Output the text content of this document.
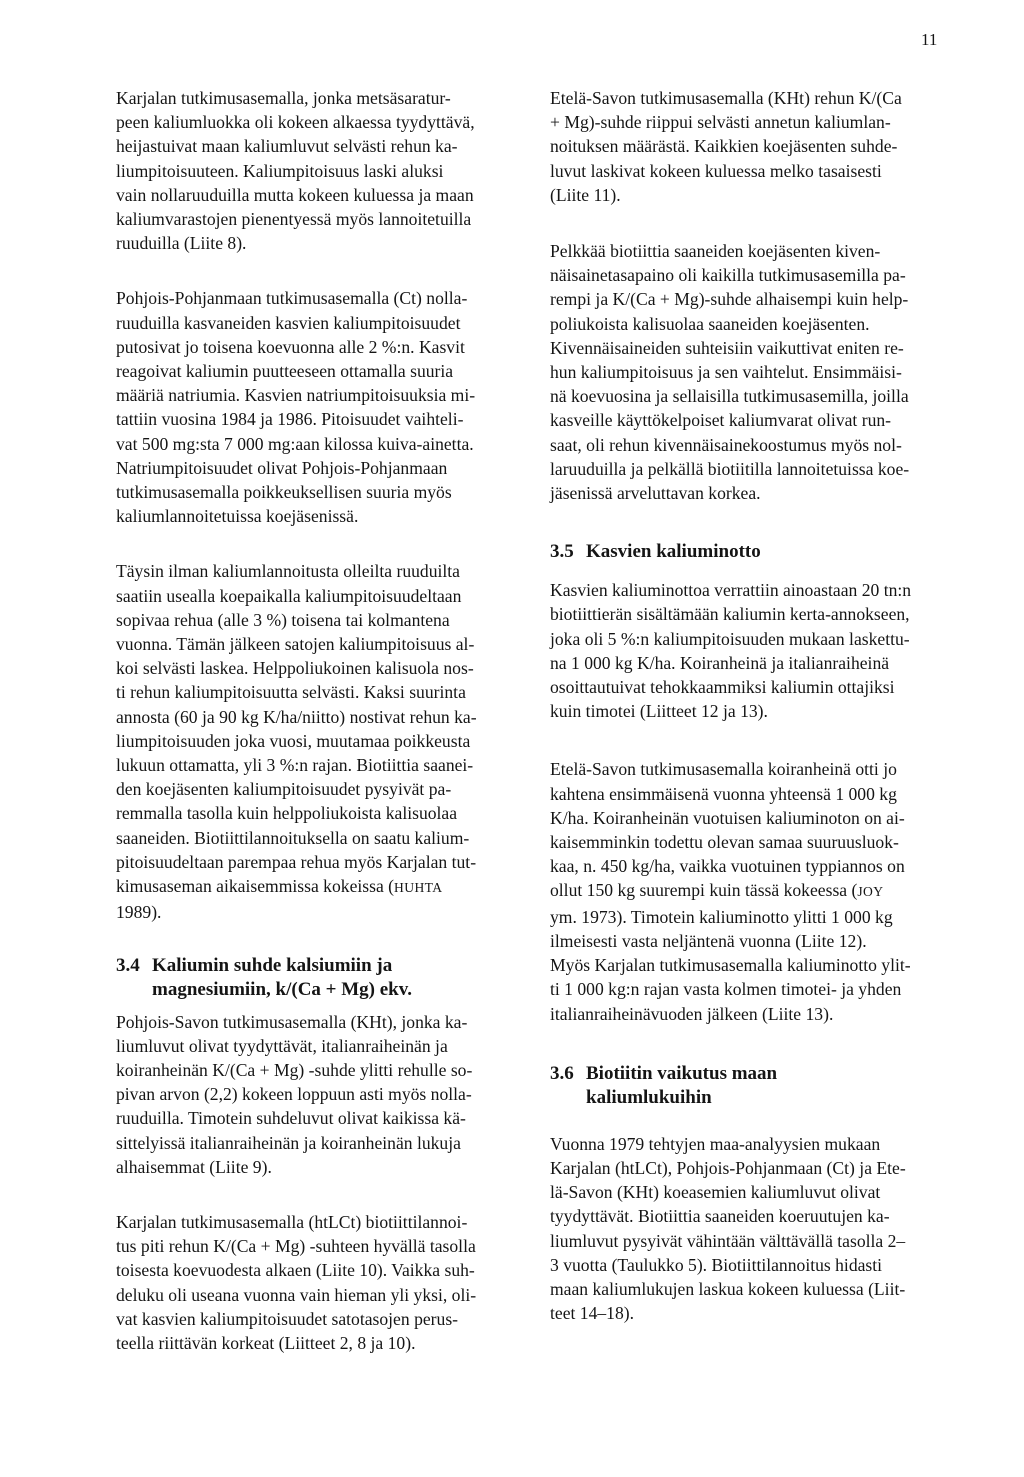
11

Karjalan tutkimusasemalla, jonka metsäsaratur-
peen kaliumluokka oli kokeen alkaessa tyydyttävä,
heijastuivat maan kaliumluvut selvästi rehun ka-
liumpitoisuuteen. Kaliumpitoisuus laski aluksi
vain nollaruuduilla mutta kokeen kuluessa ja maan
kaliumvarastojen pienentyessä myös lannoitetuilla
ruuduilla (Liite 8).

Pohjois-Pohjanmaan tutkimusasemalla (Ct) nolla-
ruuduilla kasvaneiden kasvien kaliumpitoisuudet
putosivat jo toisena koevuonna alle 2 %:n. Kasvit
reagoivat kaliumin puutteeseen ottamalla suuria
määriä natriumia. Kasvien natriumpitoisuuksia mi-
tattiin vuosina 1984 ja 1986. Pitoisuudet vaihteli-
vat 500 mg:sta 7 000 mg:aan kilossa kuiva-ainetta.
Natriumpitoisuudet olivat Pohjois-Pohjanmaan
tutkimusasemalla poikkeuksellisen suuria myös
kaliumlannoitetuissa koejäsenissä.

Täysin ilman kaliumlannoitusta olleilta ruuduilta
saatiin usealla koepaikalla kaliumpitoisuudeltaan
sopivaa rehua (alle 3 %) toisena tai kolmantena
vuonna. Tämän jälkeen satojen kaliumpitoisuus al-
koi selvästi laskea. Helppoliukoinen kalisuola nos-
ti rehun kaliumpitoisuutta selvästi. Kaksi suurinta
annosta (60 ja 90 kg K/ha/niitto) nostivat rehun ka-
liumpitoisuuden joka vuosi, muutamaa poikkeusta
lukuun ottamatta, yli 3 %:n rajan. Biotiittia saanei-
den koejäsenten kaliumpitoisuudet pysyivät pa-
remmalla tasolla kuin helppoliukoista kalisuolaa
saaneiden. Biotiittilannoituksella on saatu kalium-
pitoisuudeltaan parempaa rehua myös Karjalan tut-
kimusaseman aikaisemmissa kokeissa (HUHTA
1989).

3.4 Kaliumin suhde kalsiumiin ja
magnesiumiin, k/(Ca + Mg) ekv.

Pohjois-Savon tutkimusasemalla (KHt), jonka ka-
liumluvut olivat tyydyttävät, italianraiheinän ja
koiranheinän K/(Ca + Mg) -suhde ylitti rehulle so-
pivan arvon (2,2) kokeen loppuun asti myös nolla-
ruuduilla. Timotein suhdeluvut olivat kaikissa kä-
sittelyissä italianraiheinän ja koiranheinän lukuja
alhaisemmat (Liite 9).

Karjalan tutkimusasemalla (htLCt) biotiittilannoi-
tus piti rehun K/(Ca + Mg) -suhteen hyvällä tasolla
toisesta koevuodesta alkaen (Liite 10). Vaikka suh-
deluku oli useana vuonna vain hieman yli yksi, oli-
vat kasvien kaliumpitoisuudet satotasojen perus-
teella riittävän korkeat (Liitteet 2, 8 ja 10).

Etelä-Savon tutkimusasemalla (KHt) rehun K/(Ca
+ Mg)-suhde riippui selvästi annetun kaliumlan-
noituksen määrästä. Kaikkien koejäsenten suhde-
luvut laskivat kokeen kuluessa melko tasaisesti
(Liite 11).

Pelkkää biotiittia saaneiden koejäsenten kiven-
näisainetasapaino oli kaikilla tutkimusasemilla pa-
rempi ja K/(Ca + Mg)-suhde alhaisempi kuin help-
poliukoista kalisuolaa saaneiden koejäsenten.
Kivennäisaineiden suhteisiin vaikuttivat eniten re-
hun kaliumpitoisuus ja sen vaihtelut. Ensimmäisi-
nä koevuosina ja sellaisilla tutkimusasemilla, joilla
kasveille käyttökelpoiset kaliumvarat olivat run-
saat, oli rehun kivennäisainekoostumus myös nol-
laruuduilla ja pelkällä biotiitilla lannoitetuissa koe-
jäsenissä arveluttavan korkea.

3.5 Kasvien kaliuminotto

Kasvien kaliuminottoa verrattiin ainoastaan 20 tn:n
biotiittierän sisältämään kaliumin kerta-annokseen,
joka oli 5 %:n kaliumpitoisuuden mukaan laskettu-
na 1 000 kg K/ha. Koiranheinä ja italianraiheinä
osoittautuivat tehokkaammiksi kaliumin ottajiksi
kuin timotei (Liitteet 12 ja 13).

Etelä-Savon tutkimusasemalla koiranheinä otti jo
kahtena ensimmäisenä vuonna yhteensä 1 000 kg
K/ha. Koiranheinän vuotuisen kaliuminoton on ai-
kaisemminkin todettu olevan samaa suuruusluok-
kaa, n. 450 kg/ha, vaikka vuotuinen typpiannos on
ollut 150 kg suurempi kuin tässä kokeessa (JOY
ym. 1973). Timotein kaliuminotto ylitti 1 000 kg
ilmeisesti vasta neljäntenä vuonna (Liite 12).
Myös Karjalan tutkimusasemalla kaliuminotto ylit-
ti 1 000 kg:n rajan vasta kolmen timotei- ja yhden
italianraiheinävuoden jälkeen (Liite 13).

3.6 Biotiitin vaikutus maan
kaliumlukuihin

Vuonna 1979 tehtyjen maa-analyysien mukaan
Karjalan (htLCt), Pohjois-Pohjanmaan (Ct) ja Ete-
lä-Savon (KHt) koeasemien kaliumluvut olivat
tyydyttävät. Biotiittia saaneiden koeruutujen ka-
liumluvut pysyivät vähintään välttävällä tasolla 2–
3 vuotta (Taulukko 5). Biotiittilannoitus hidasti
maan kaliumlukujen laskua kokeen kuluessa (Liit-
teet 14–18).
